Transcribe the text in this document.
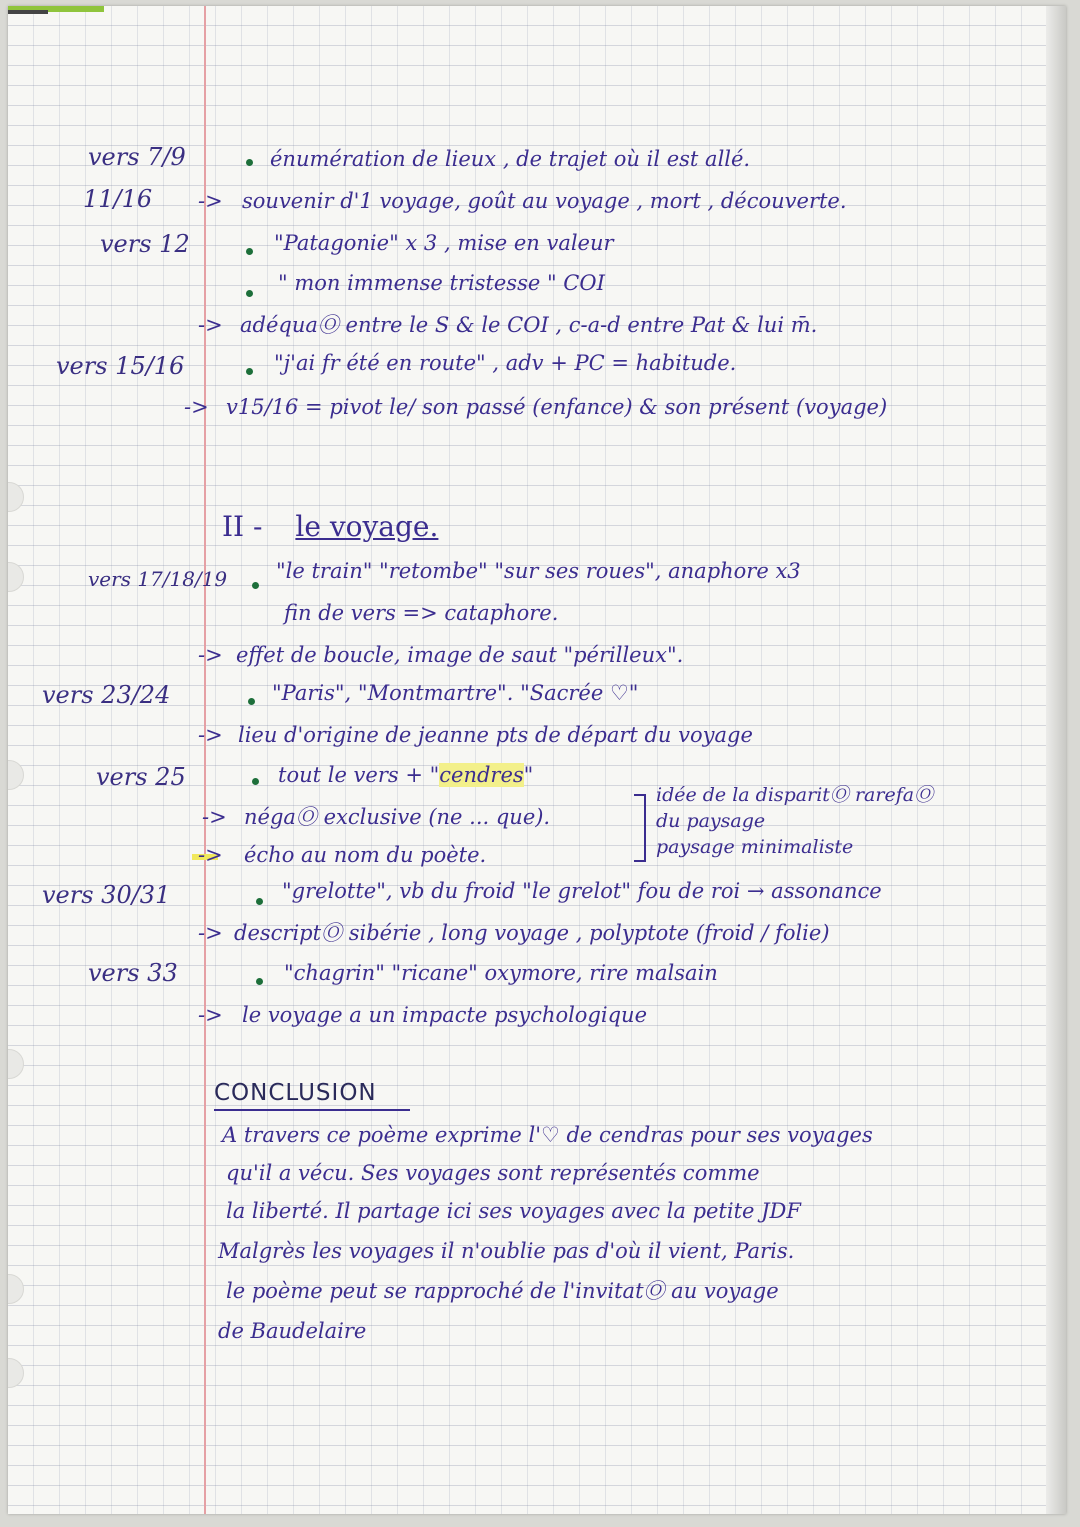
vers 7/9	énumération de lieux , de trajet où il est allé.
11/16 -> souvenir d'1 voyage, goût au voyage , mort , découverte.
vers 12	"Patagonie" x 3 , mise en valeur
" mon immense tristesse " COI
-> adéquaⓄ entre le S & le COI , c-a-d entre Pat & lui m̄.
vers 15/16	"j'ai fr été en route" , adv + PC = habitude.
-> v15/16 = pivot le/ son passé (enfance) & son présent (voyage)
II - le voyage.
vers 17/18/19 "le train" "retombe" "sur ses roues", anaphore x3
fin de vers => cataphore.
-> effet de boucle, image de saut "périlleux".
vers 23/24	"Paris", "Montmartre". "Sacrée ♡"
-> lieu d'origine de jeanne pts de départ du voyage
vers 25	tout le vers + "cendres"
-> négaⓄ exclusive (ne ... que).
-> écho au nom du poète.
idée de la disparitⓄ rarefaⓄ
du paysage
paysage minimaliste
vers 30/31	"grelotte", vb du froid "le grelot" fou de roi → assonance
-> descriptⓄ sibérie , long voyage , polyptote (froid / folie)
vers 33	"chagrin" "ricane" oxymore, rire malsain
-> le voyage a un impacte psychologique
CONCLUSION
A travers ce poème exprime l'♡ de cendras pour ses voyages
qu'il a vécu. Ses voyages sont représentés comme
la liberté. Il partage ici ses voyages avec la petite JDF
Malgrès les voyages il n'oublie pas d'où il vient, Paris.
le poème peut se rapproché de l'invitatⓄ au voyage
de Baudelaire
